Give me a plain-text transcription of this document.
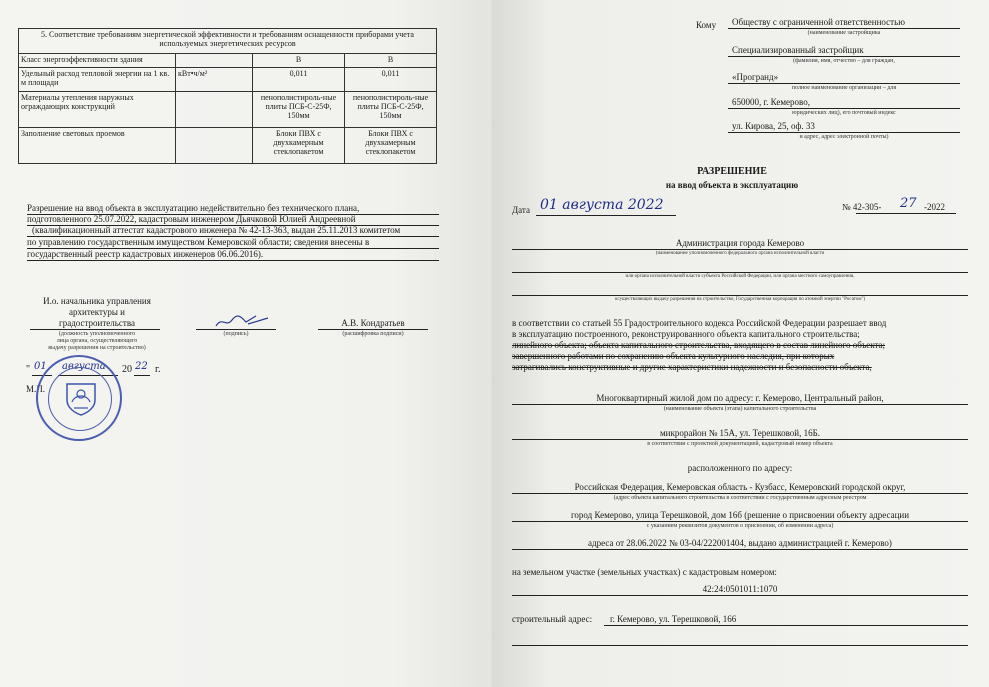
5. Соответствие требованиям энергетической эффективности и требованиям оснащенности приборами учета используемых энергетических ресурсов			
Класс энергоэффективности здания		B	B
Удельный расход тепловой энергии на 1 кв. м площади	кВт•ч/м²	0,011	0,011
Материалы утепления наружных ограждающих конструкций		пенополистироль-ные плиты ПСБ-С-25Ф, 150мм	пенополистироль-ные плиты ПСБ-С-25Ф, 150мм
Заполнение световых проемов		Блоки ПВХ с двухкамерным стеклопакетом	Блоки ПВХ с двухкамерным стеклопакетом
Разрешение на ввод объекта в эксплуатацию недействительно без технического плана,
подготовленного 25.07.2022, кадастровым инженером Дьячковой Юлией Андреевной
(квалификационный аттестат кадастрового инженера № 42-13-363, выдан 25.11.2013 комитетом
по управлению государственным имуществом Кемеровской области; сведения внесены в
государственный реестр кадастровых инженеров 06.06.2016).
И.о. начальника управления
архитектуры и
градостроительства
(должность уполномоченного
лица органа, осуществляющего
выдачу разрешения на строительство)
(подпись)
А.В. Кондратьев
(расшифровка подписи)
" 01 августа 20 22 г.
М.П.
Кому Обществу с ограниченной ответственностью
(наименование застройщика
Специализированный застройщик
(фамилия, имя, отчество – для граждан,
«Програнд»
полное наименование организации – для
650000, г. Кемерово,
юридических лиц), его почтовый индекс
ул. Кирова, 25, оф. 33
и адрес, адрес электронной почты)
РАЗРЕШЕНИЕ
на ввод объекта в эксплуатацию
Дата 01 августа 2022	№ 42-305- 27 -2022
Администрация города Кемерово
(наименование уполномоченного федерального органа исполнительной власти
или органа исполнительной власти субъекта Российской Федерации, или органа местного самоуправления,
осуществляющих выдачу разрешения на строительство, Государственная корпорация по атомной энергии "Росатом")
в соответствии со статьей 55 Градостроительного кодекса Российской Федерации разрешает ввод
в эксплуатацию построенного, реконструированного объекта капитального строительства;
линейного объекта; объекта капитального строительства, входящего в состав линейного объекта;
завершенного работами по сохранению объекта культурного наследия, при которых
затрагивались конструктивные и другие характеристики надежности и безопасности объекта,
Многоквартирный жилой дом по адресу: г. Кемерово, Центральный район,
(наименование объекта (этапа) капитального строительства
микрорайон № 15А, ул. Терешковой, 16Б.
в соответствии с проектной документацией, кадастровый номер объекта
расположенного по адресу:
Российская Федерация, Кемеровская область - Кузбасс, Кемеровский городской округ,
(адрес объекта капитального строительства в соответствии с государственным адресным реестром
город Кемерово, улица Терешковой, дом 16б (решение о присвоении объекту адресации
с указанием реквизитов документов о присвоении, об изменении адреса)
адреса от 28.06.2022 № 03-04/222001404, выдано администрацией г. Кемерово)
на земельном участке (земельных участках) с кадастровым номером:
42:24:0501011:1070
строительный адрес: г. Кемерово, ул. Терешковой, 166
